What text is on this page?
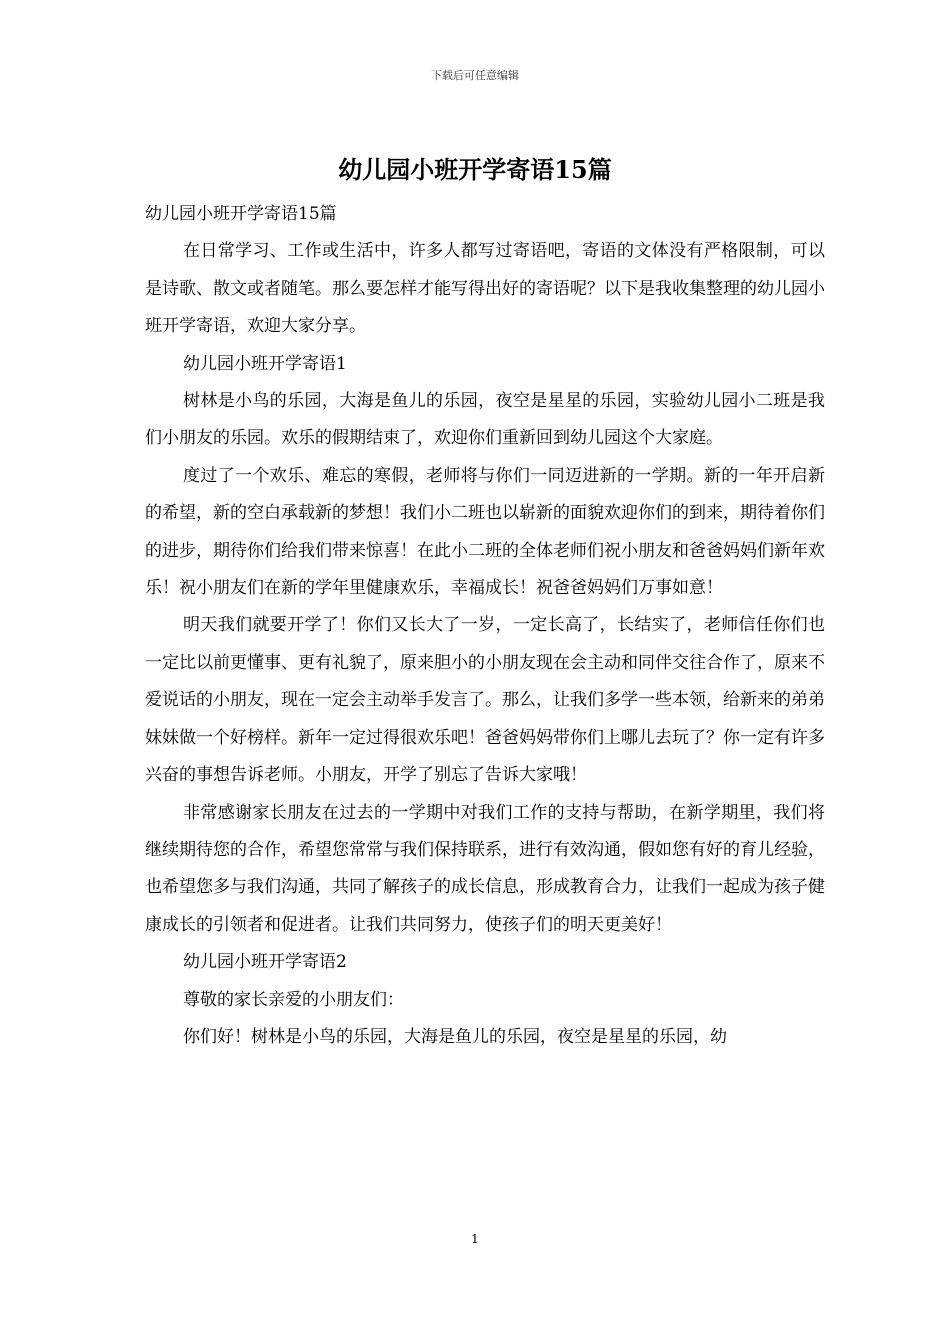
下载后可任意编辑
幼儿园小班开学寄语15篇

幼儿园小班开学寄语15篇

在日常学习、工作或生活中，许多人都写过寄语吧，寄语的文体没有严格限制，可以是诗歌、散文或者随笔。那么要怎样才能写得出好的寄语呢？以下是我收集整理的幼儿园小班开学寄语，欢迎大家分享。

幼儿园小班开学寄语1

树林是小鸟的乐园，大海是鱼儿的乐园，夜空是星星的乐园，实验幼儿园小二班是我们小朋友的乐园。欢乐的假期结束了，欢迎你们重新回到幼儿园这个大家庭。

度过了一个欢乐、难忘的寒假，老师将与你们一同迈进新的一学期。新的一年开启新的希望，新的空白承载新的梦想！我们小二班也以崭新的面貌欢迎你们的到来，期待着你们的进步，期待你们给我们带来惊喜！在此小二班的全体老师们祝小朋友和爸爸妈妈们新年欢乐！祝小朋友们在新的学年里健康欢乐，幸福成长！祝爸爸妈妈们万事如意！

明天我们就要开学了！你们又长大了一岁，一定长高了，长结实了，老师信任你们也一定比以前更懂事、更有礼貌了，原来胆小的小朋友现在会主动和同伴交往合作了，原来不爱说话的小朋友，现在一定会主动举手发言了。那么，让我们多学一些本领，给新来的弟弟妹妹做一个好榜样。新年一定过得很欢乐吧！爸爸妈妈带你们上哪儿去玩了？你一定有许多兴奋的事想告诉老师。小朋友，开学了别忘了告诉大家哦！

非常感谢家长朋友在过去的一学期中对我们工作的支持与帮助，在新学期里，我们将继续期待您的合作，希望您常常与我们保持联系，进行有效沟通，假如您有好的育儿经验，也希望您多与我们沟通，共同了解孩子的成长信息，形成教育合力，让我们一起成为孩子健康成长的引领者和促进者。让我们共同努力，使孩子们的明天更美好！

幼儿园小班开学寄语2

尊敬的家长亲爱的小朋友们：

你们好！树林是小鸟的乐园，大海是鱼儿的乐园，夜空是星星的乐园，幼

1
